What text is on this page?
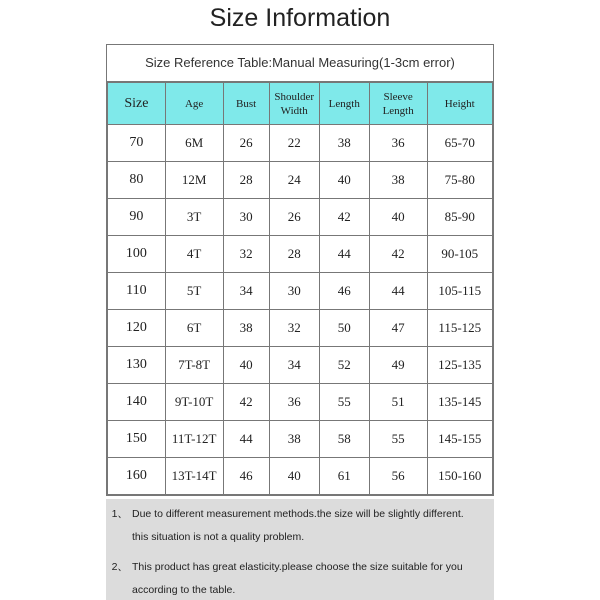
Size Information
Size Reference Table:Manual Measuring(1-3cm error)
Size	Age	Bust	Shoulder Width	Length	Sleeve Length	Height
70	6M	26	22	38	36	65-70
80	12M	28	24	40	38	75-80
90	3T	30	26	42	40	85-90
100	4T	32	28	44	42	90-105
110	5T	34	30	46	44	105-115
120	6T	38	32	50	47	115-125
130	7T-8T	40	34	52	49	125-135
140	9T-10T	42	36	55	51	135-145
150	11T-12T	44	38	58	55	145-155
160	13T-14T	46	40	61	56	150-160
1、 Due to different measurement methods.the size will be slightly different.
this situation is not a quality problem.
2、 This product has great elasticity.please choose the size suitable for you
according to the table.
